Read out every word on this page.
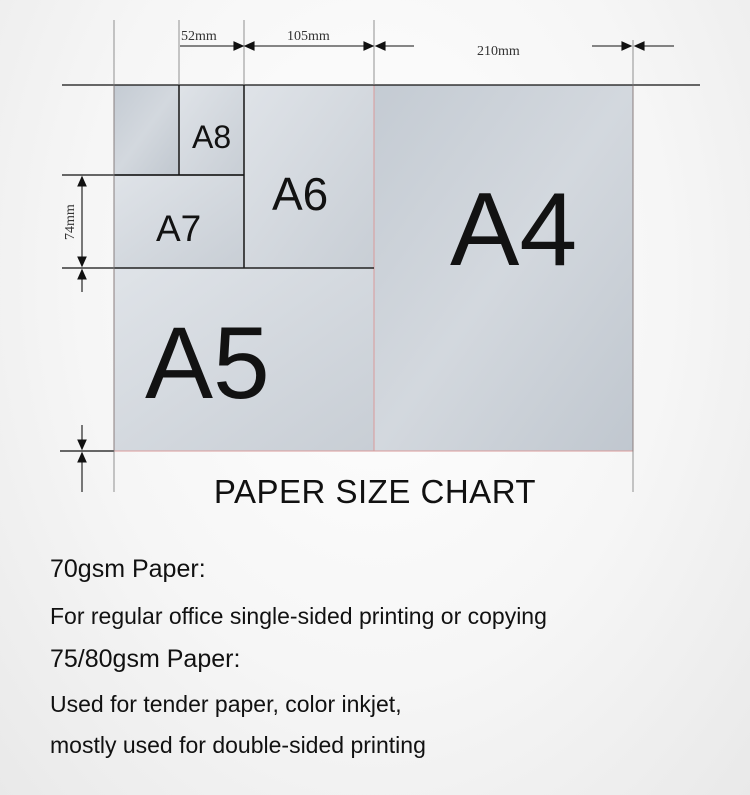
52mm	105mm
210mm
74mm
A8
A7
A6
A5
A4
PAPER SIZE CHART
70gsm Paper:
For regular office single-sided printing or copying
75/80gsm Paper:
Used for tender paper, color inkjet,
mostly used for double-sided printing
